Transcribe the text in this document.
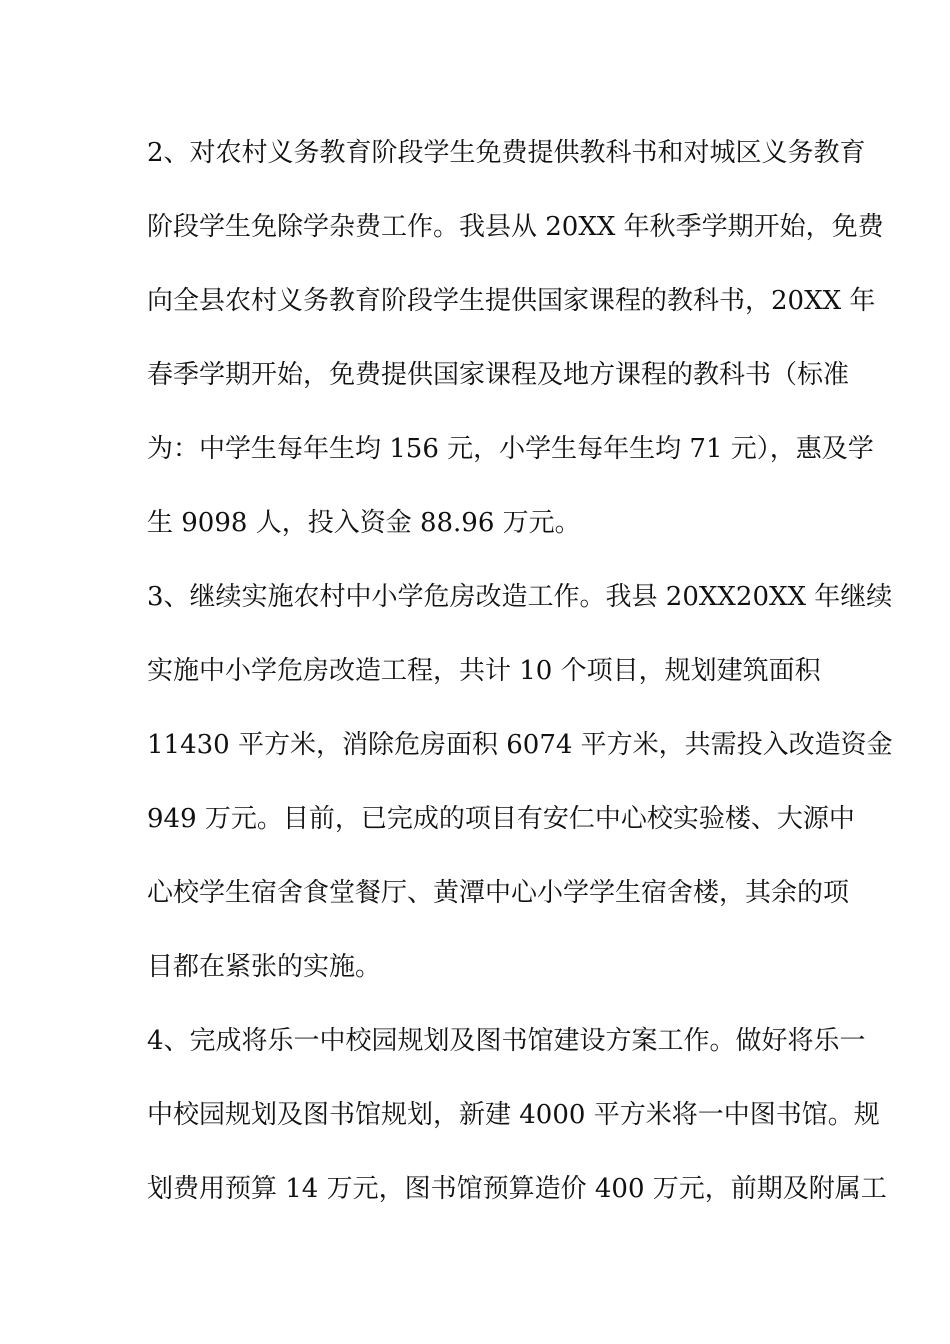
2、对农村义务教育阶段学生免费提供教科书和对城区义务教育
阶段学生免除学杂费工作。我县从 20XX 年秋季学期开始，免费
向全县农村义务教育阶段学生提供国家课程的教科书，20XX 年
春季学期开始，免费提供国家课程及地方课程的教科书（标准
为：中学生每年生均 156 元，小学生每年生均 71 元），惠及学
生 9098 人，投入资金 88.96 万元。
3、继续实施农村中小学危房改造工作。我县 20XX20XX 年继续
实施中小学危房改造工程，共计 10 个项目，规划建筑面积
11430 平方米，消除危房面积 6074 平方米，共需投入改造资金
949 万元。目前，已完成的项目有安仁中心校实验楼、大源中
心校学生宿舍食堂餐厅、黄潭中心小学学生宿舍楼，其余的项
目都在紧张的实施。
4、完成将乐一中校园规划及图书馆建设方案工作。做好将乐一
中校园规划及图书馆规划，新建 4000 平方米将一中图书馆。规
划费用预算 14 万元，图书馆预算造价 400 万元，前期及附属工
